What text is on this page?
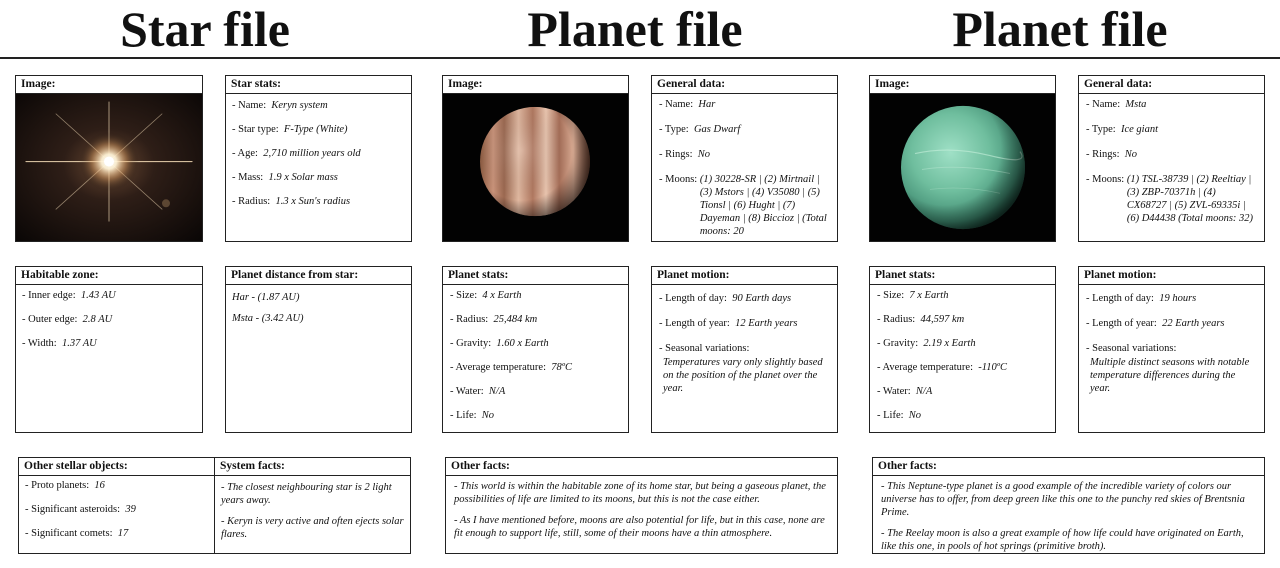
Star file	Planet file	Planet file
Image:	Star stats:
- Name: Keryn system
- Star type: F-Type (White)
- Age: 2,710 million years old
- Mass: 1.9 x Solar mass
- Radius: 1.3 x Sun's radius
Habitable zone:
- Inner edge: 1.43 AU
- Outer edge: 2.8 AU
- Width: 1.37 AU
Planet distance from star:
Har - (1.87 AU)
Msta - (3.42 AU)
Other stellar objects:
- Proto planets: 16
- Significant asteroids: 39
- Significant comets: 17
System facts:

- The closest neighbouring star is 2 light years away.

- Keryn is very active and often ejects solar flares.

Image:	General data:
- Name: Har
- Type: Gas Dwarf
- Rings: No
- Moons:
(1) 30228-SR | (2) Mirtnail | (3) Mstors | (4) V35080 | (5) Tionsl | (6) Hught | (7) Dayeman | (8) Biccioz | (Total moons: 20
Planet stats:
- Size: 4 x Earth
- Radius: 25,484 km
- Gravity: 1.60 x Earth
- Average temperature: 78ºC
- Water: N/A
- Life: No
Planet motion:
- Length of day: 90 Earth days
- Length of year: 12 Earth years
- Seasonal variations:
Temperatures vary only slightly based on the position of the planet over the year.
Other facts:

- This world is within the habitable zone of its home star, but being a gaseous planet, the possibilities of life are limited to its moons, but this is not the case either.

- As I have mentioned before, moons are also potential for life, but in this case, none are fit enough to support life, still, some of their moons have a thin atmosphere.

Image:	General data:
- Name: Msta
- Type: Ice giant
- Rings: No
- Moons:
(1) TSL-38739 | (2) Reeltiay | (3) ZBP-70371h | (4) CX68727 | (5) ZVL-69335i | (6) D44438 (Total moons: 32)
Planet stats:
- Size: 7 x Earth
- Radius: 44,597 km
- Gravity: 2.19 x Earth
- Average temperature: -110ºC
- Water: N/A
- Life: No
Planet motion:
- Length of day: 19 hours
- Length of year: 22 Earth years
- Seasonal variations:
Multiple distinct seasons with notable temperature differences during the year.
Other facts:

- This Neptune-type planet is a good example of the incredible variety of colors our universe has to offer, from deep green like this one to the punchy red skies of Brentsnia Prime.

- The Reelay moon is also a great example of how life could have originated on Earth, like this one, in pools of hot springs (primitive broth).
